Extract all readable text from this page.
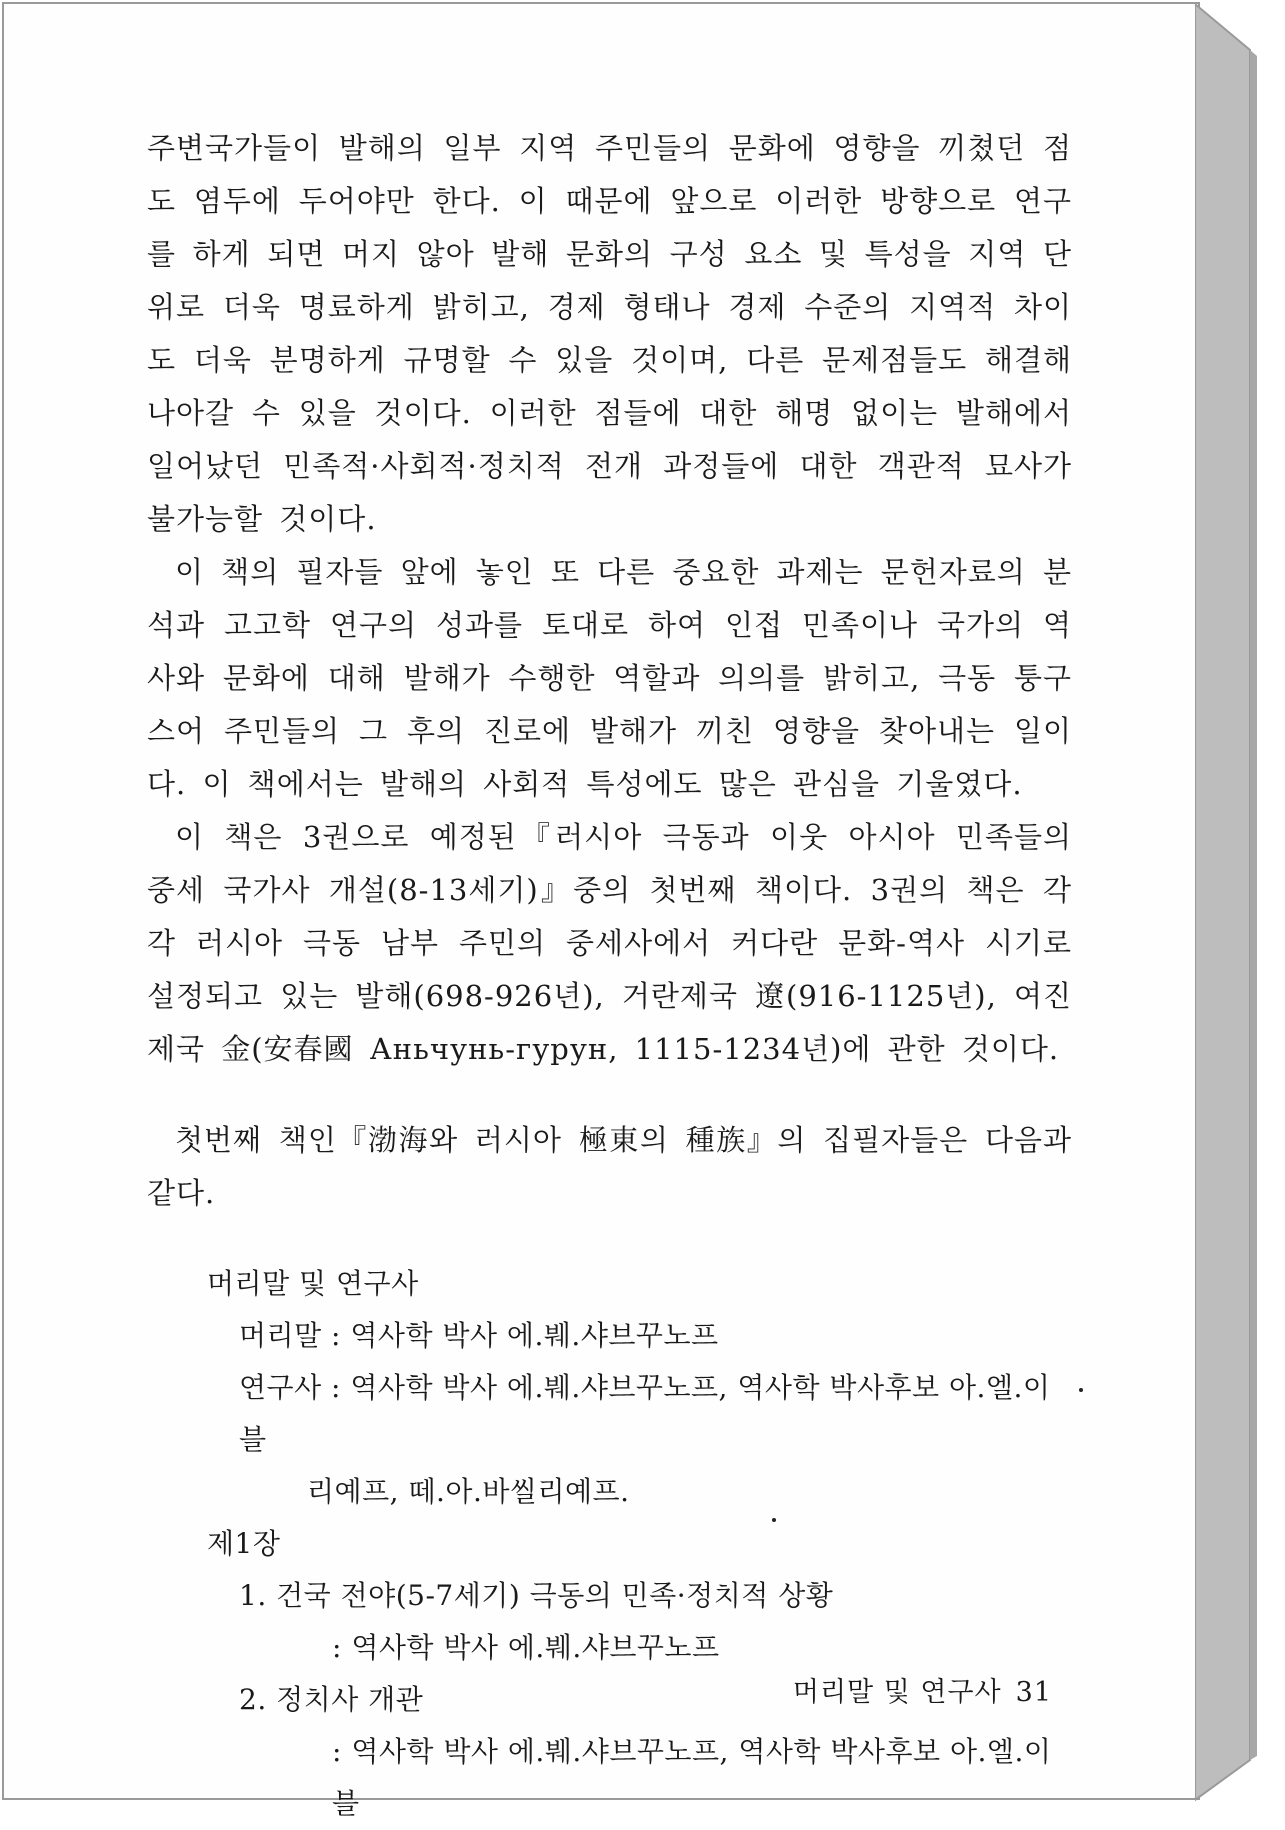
주변국가들이 발해의 일부 지역 주민들의 문화에 영향을 끼쳤던 점도 염두에 두어야만 한다. 이 때문에 앞으로 이러한 방향으로 연구를 하게 되면 머지 않아 발해 문화의 구성 요소 및 특성을 지역 단위로 더욱 명료하게 밝히고, 경제 형태나 경제 수준의 지역적 차이도 더욱 분명하게 규명할 수 있을 것이며, 다른 문제점들도 해결해 나아갈 수 있을 것이다. 이러한 점들에 대한 해명 없이는 발해에서 일어났던 민족적·사회적·정치적 전개 과정들에 대한 객관적 묘사가 불가능할 것이다.

이 책의 필자들 앞에 놓인 또 다른 중요한 과제는 문헌자료의 분석과 고고학 연구의 성과를 토대로 하여 인접 민족이나 국가의 역사와 문화에 대해 발해가 수행한 역할과 의의를 밝히고, 극동 퉁구스어 주민들의 그 후의 진로에 발해가 끼친 영향을 찾아내는 일이다. 이 책에서는 발해의 사회적 특성에도 많은 관심을 기울였다.

이 책은 3권으로 예정된『러시아 극동과 이웃 아시아 민족들의 중세 국가사 개설(8-13세기)』중의 첫번째 책이다. 3권의 책은 각각 러시아 극동 남부 주민의 중세사에서 커다란 문화-역사 시기로 설정되고 있는 발해(698-926년), 거란제국 遼(916-1125년), 여진제국 金(安春國 Аньчунь-гурун, 1115-1234년)에 관한 것이다.

첫번째 책인『渤海와 러시아 極東의 種族』의 집필자들은 다음과 같다.

머리말 및 연구사
머리말 : 역사학 박사 에.붸.샤브꾸노프
연구사 : 역사학 박사 에.붸.샤브꾸노프, 역사학 박사후보 아.엘.이블
리예프, 떼.아.바씰리예프.
제1장
1. 건국 전야(5-7세기) 극동의 민족·정치적 상황
: 역사학 박사 에.붸.샤브꾸노프
2. 정치사 개관
: 역사학 박사 에.붸.샤브꾸노프, 역사학 박사후보 아.엘.이블
머리말 및 연구사 31
